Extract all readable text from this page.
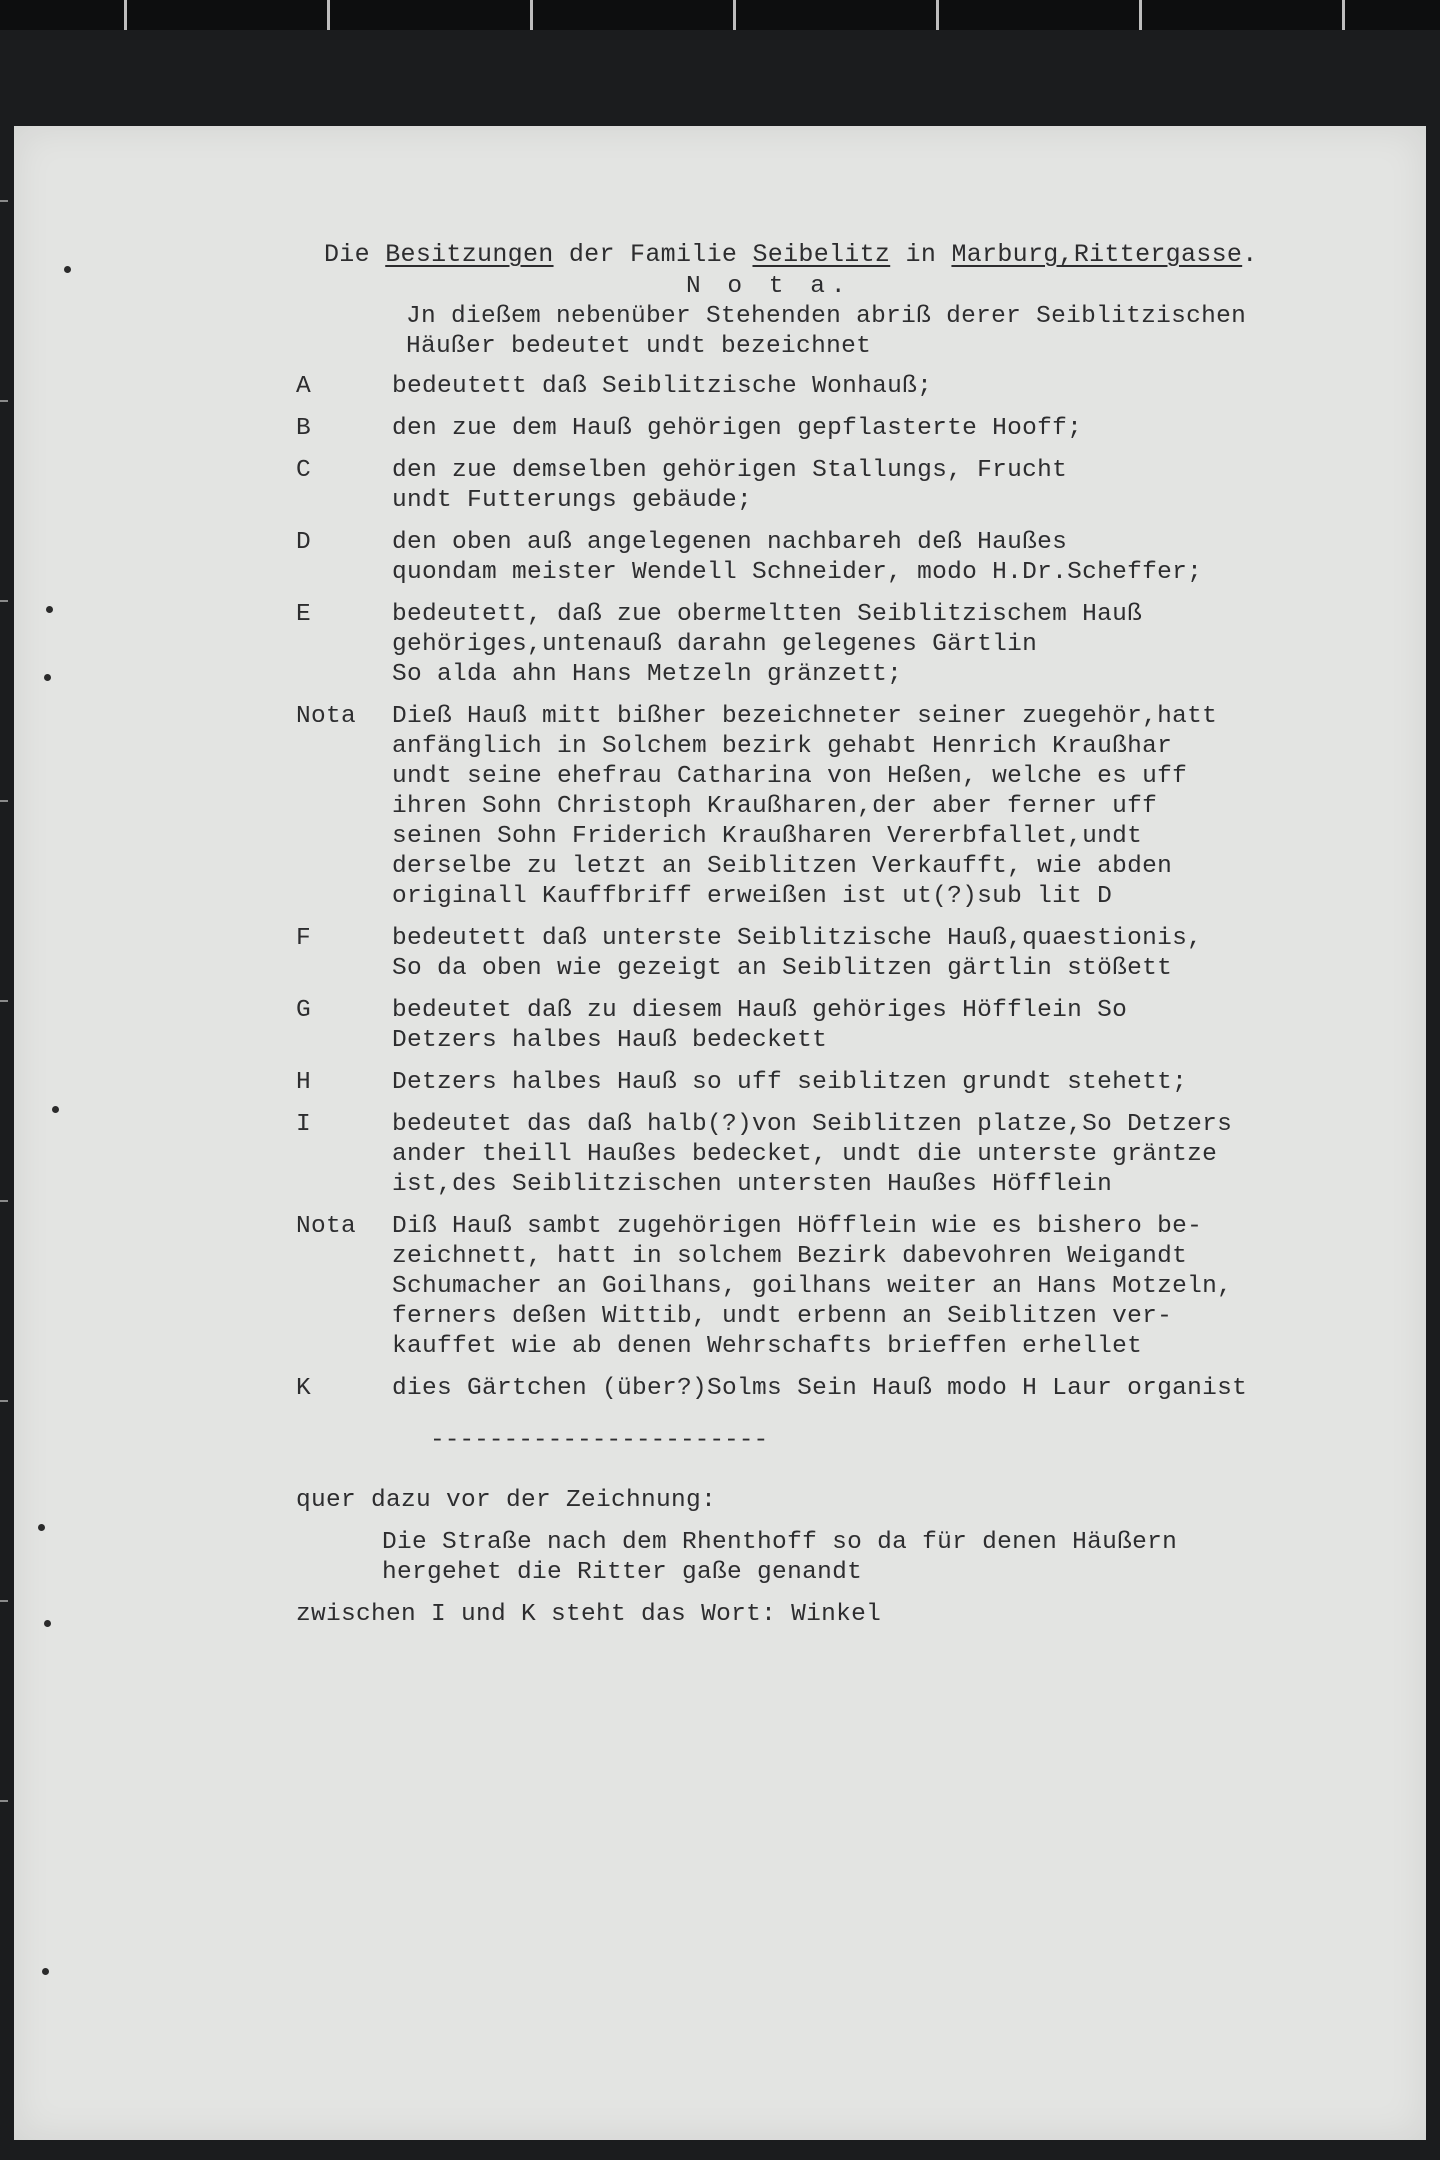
Die Besitzungen der Familie Seibelitz in Marburg,Rittergasse.
N o t a.
Jn dießem nebenüber Stehenden abriß derer Seiblitzischen
Häußer bedeutet undt bezeichnet
A	bedeutett daß Seiblitzische Wonhauß;
B	den zue dem Hauß gehörigen gepflasterte Hooff;
C	den zue demselben gehörigen Stallungs, Frucht
undt Futterungs gebäude;
D	den oben auß angelegenen nachbareh deß Haußes
quondam meister Wendell Schneider, modo H.Dr.Scheffer;
E	bedeutett, daß zue obermeltten Seiblitzischem Hauß
gehöriges,untenauß darahn gelegenes Gärtlin
So alda ahn Hans Metzeln gränzett;
Nota	Dieß Hauß mitt bißher bezeichneter seiner zuegehör,hatt
anfänglich in Solchem bezirk gehabt Henrich Kraußhar
undt seine ehefrau Catharina von Heßen, welche es uff
ihren Sohn Christoph Kraußharen,der aber ferner uff
seinen Sohn Friderich Kraußharen Vererbfallet,undt
derselbe zu letzt an Seiblitzen Verkaufft, wie abden
originall Kauffbriff erweißen ist ut(?)sub lit D
F	bedeutett daß unterste Seiblitzische Hauß,quaestionis,
So da oben wie gezeigt an Seiblitzen gärtlin stößett
G	bedeutet daß zu diesem Hauß gehöriges Höfflein So
Detzers halbes Hauß bedeckett
H	Detzers halbes Hauß so uff seiblitzen grundt stehett;
I	bedeutet das daß halb(?)von Seiblitzen platze,So Detzers
ander theill Haußes bedecket, undt die unterste gräntze
ist,des Seiblitzischen untersten Haußes Höfflein
Nota	Diß Hauß sambt zugehörigen Höfflein wie es bishero be-
zeichnett, hatt in solchem Bezirk dabevohren Weigandt
Schumacher an Goilhans, goilhans weiter an Hans Motzeln,
ferners deßen Wittib, undt erbenn an Seiblitzen ver-
kauffet wie ab denen Wehrschafts brieffen erhellet
K	dies Gärtchen (über?)Solms Sein Hauß modo H Laur organist
-----------------------
quer dazu vor der Zeichnung:
Die Straße nach dem Rhenthoff so da für denen Häußern
hergehet die Ritter gaße genandt
zwischen I und K steht das Wort: Winkel
